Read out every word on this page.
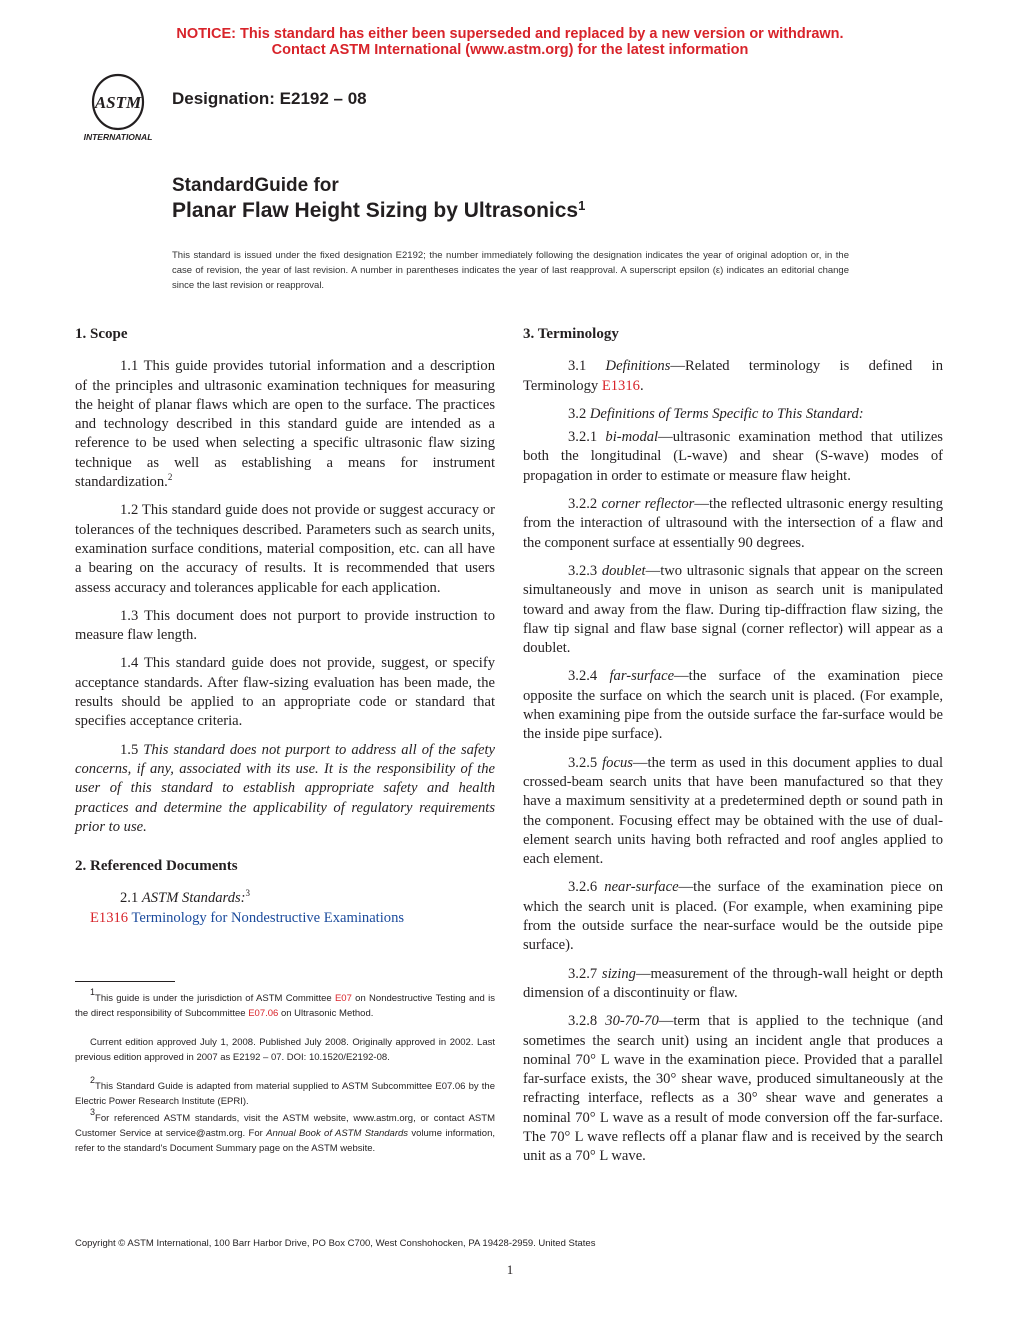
NOTICE: This standard has either been superseded and replaced by a new version or withdrawn.
Contact ASTM International (www.astm.org) for the latest information
ASTM
INTERNATIONAL
Designation: E2192 – 08
StandardGuide for
Planar Flaw Height Sizing by Ultrasonics$^1$
This standard is issued under the fixed designation E2192; the number immediately following the designation indicates the year of original adoption or, in the case of revision, the year of last revision. A number in parentheses indicates the year of last reapproval. A superscript epsilon (ε) indicates an editorial change since the last revision or reapproval.
1. Scope
1.1 This guide provides tutorial information and a description of the principles and ultrasonic examination techniques for measuring the height of planar flaws which are open to the surface. The practices and technology described in this standard guide are intended as a reference to be used when selecting a specific ultrasonic flaw sizing technique as well as establishing a means for instrument standardization.$^2$
1.2 This standard guide does not provide or suggest accuracy or tolerances of the techniques described. Parameters such as search units, examination surface conditions, material composition, etc. can all have a bearing on the accuracy of results. It is recommended that users assess accuracy and tolerances applicable for each application.
1.3 This document does not purport to provide instruction to measure flaw length.
1.4 This standard guide does not provide, suggest, or specify acceptance standards. After flaw-sizing evaluation has been made, the results should be applied to an appropriate code or standard that specifies acceptance criteria.
1.5 This standard does not purport to address all of the safety concerns, if any, associated with its use. It is the responsibility of the user of this standard to establish appropriate safety and health practices and determine the applicability of regulatory requirements prior to use.
2. Referenced Documents
2.1 ASTM Standards:$^3$
E1316 Terminology for Nondestructive Examinations
3. Terminology
3.1 Definitions—Related terminology is defined in Terminology E1316.
3.2 Definitions of Terms Specific to This Standard:
3.2.1 bi-modal—ultrasonic examination method that utilizes both the longitudinal (L-wave) and shear (S-wave) modes of propagation in order to estimate or measure flaw height.
3.2.2 corner reflector—the reflected ultrasonic energy resulting from the interaction of ultrasound with the intersection of a flaw and the component surface at essentially 90 degrees.
3.2.3 doublet—two ultrasonic signals that appear on the screen simultaneously and move in unison as search unit is manipulated toward and away from the flaw. During tip-diffraction flaw sizing, the flaw tip signal and flaw base signal (corner reflector) will appear as a doublet.
3.2.4 far-surface—the surface of the examination piece opposite the surface on which the search unit is placed. (For example, when examining pipe from the outside surface the far-surface would be the inside pipe surface).
3.2.5 focus—the term as used in this document applies to dual crossed-beam search units that have been manufactured so that they have a maximum sensitivity at a predetermined depth or sound path in the component. Focusing effect may be obtained with the use of dual-element search units having both refracted and roof angles applied to each element.
3.2.6 near-surface—the surface of the examination piece on which the search unit is placed. (For example, when examining pipe from the outside surface the near-surface would be the outside pipe surface).
3.2.7 sizing—measurement of the through-wall height or depth dimension of a discontinuity or flaw.
3.2.8 30-70-70—term that is applied to the technique (and sometimes the search unit) using an incident angle that produces a nominal 70° L wave in the examination piece. Provided that a parallel far-surface exists, the 30° shear wave, produced simultaneously at the refracting interface, reflects as a 30° shear wave and generates a nominal 70° L wave as a result of mode conversion off the far-surface. The 70° L wave reflects off a planar flaw and is received by the search unit as a 70° L wave.
$^1$This guide is under the jurisdiction of ASTM Committee E07 on Nondestructive Testing and is the direct responsibility of Subcommittee E07.06 on Ultrasonic Method.
Current edition approved July 1, 2008. Published July 2008. Originally approved in 2002. Last previous edition approved in 2007 as E2192 – 07. DOI: 10.1520/E2192-08.
$^2$This Standard Guide is adapted from material supplied to ASTM Subcommittee E07.06 by the Electric Power Research Institute (EPRI).
$^3$For referenced ASTM standards, visit the ASTM website, www.astm.org, or contact ASTM Customer Service at service@astm.org. For Annual Book of ASTM Standards volume information, refer to the standard's Document Summary page on the ASTM website.
Copyright © ASTM International, 100 Barr Harbor Drive, PO Box C700, West Conshohocken, PA 19428-2959. United States
1
